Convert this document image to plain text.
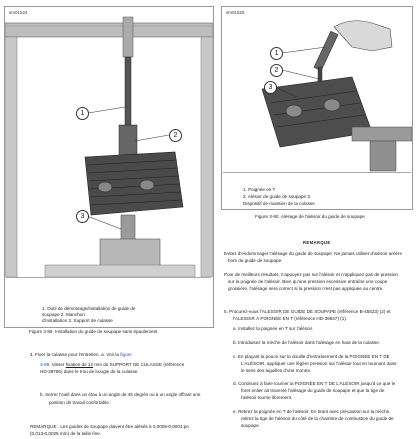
sm01524
1
2
3
1. Outil de démontage/installation de guide de
soupape 2. Manchon
d'installation 3. Support de culasse
Figure 3-89. Installation du guide de soupape sans épaulement
sm01525
1
2
3
1. Poignée en T
2. Alésoir de guide de soupape 3.
Dispositif de maintien de la culasse
Figure 3-90. Alésage de l'alésoir du guide de soupape
4. Fixer la culasse pour l'entretien. a. Voir la figure
3-89. Visser fixation de 12 mm du SUPPORT DE CULASSE (référence
HD-39786) dans le trou de bougie de la culasse.
b. Serrer l'outil dans un étau à un angle de 45 degrés ou à un angle offrant une
position de travail confortable.
REMARQUE : Les guides de soupape doivent être alésés à 0,0005-0,0001 po
(0,013-0,0025 mm) de la taille fine.
REMARQUE
Evitez d'endommager l'alésage du guide de soupape. Ne jamais utiliser d'alésoir arrière
hors du guide de soupape.
Pour de meilleurs résultats, n'appuyez pas sur l'alésoir et n'appliquez pas de pression
sur la poignée de l'alésoir. Bien qu'une pression excessive entraîne une coupe
grossière, l'alésage sera correct si la pression n'est pas appliquée au centre.
5. Procurez-vous l'ALESOIR DE GUIDE DE SOUPAPE (référence B-45523) (2) et
l'ALESOIR À POIGNÉE EN T (référence HD-39847) (1).
a. Installez la poignée en T sur l'alésoir.
b. Introduisez la mèche de l'alésoir dans l'alésage en haut de la culasse.
c. En plaçant la pouce sur la douille d'entraînement de la POIGNÉE EN T DE
L'ALÉSOIR, appliquer une légère pression sur l'alésoir tout en tournant dans
le sens des aiguilles d'une montre.
d. Continuez à faire tourner la POIGNÉE EN T DE L'ALÉSOIR jusqu'à ce que le
foret entier ait traversé l'alésage du guide de soupape et que la tige de
l'alésoir tourne librement.
e. Retirez la poignée en T de l'alésoir. En tirant avec précaution sur la mèche,
retirez la tige de l'alésoir du côté de la chambre de combustion du guide de
soupape.
